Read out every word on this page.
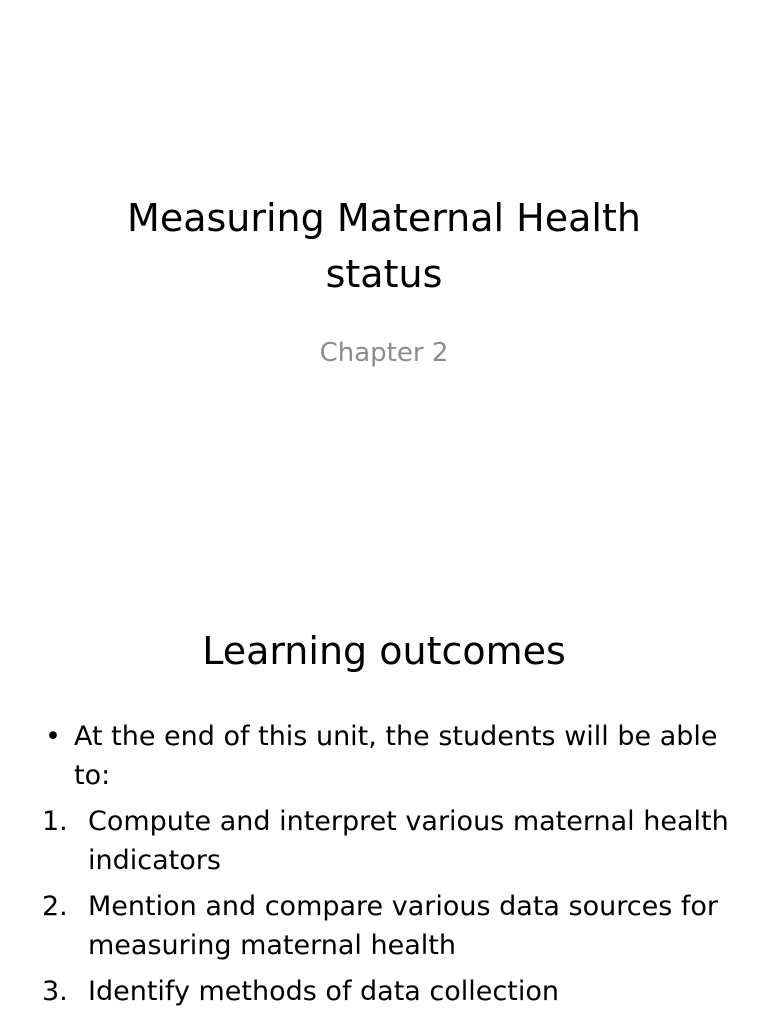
Measuring Maternal Health status
Chapter 2
Learning outcomes
• At the end of this unit, the students will be able to:
1. Compute and interpret various maternal health indicators
2. Mention and compare various data sources for measuring maternal health
3. Identify methods of data collection
